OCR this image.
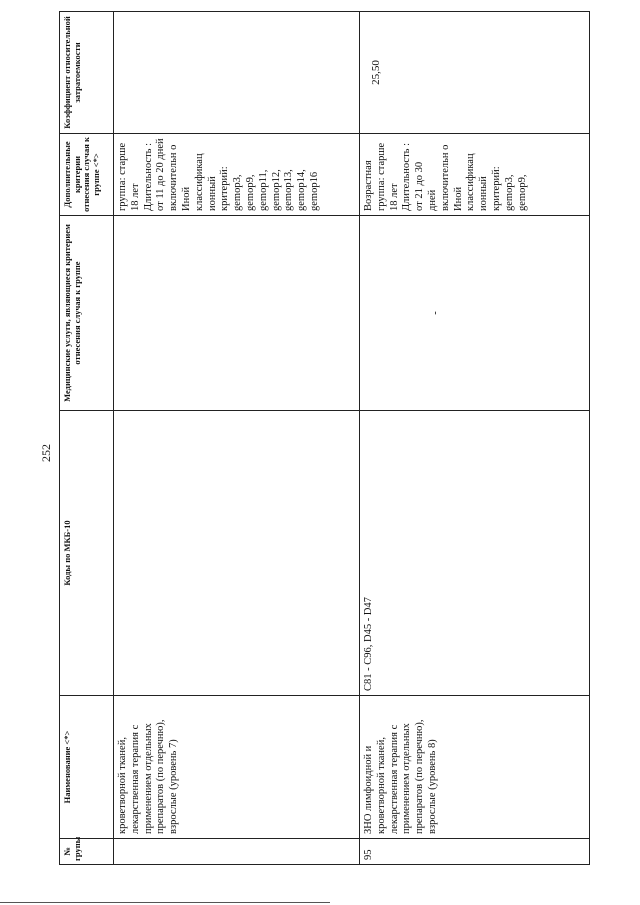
252
№ групы	Наименование <*>	Коды по МКБ-10	Медицинские услуги, являющиеся критерием отнесения случая к группе	Дополнительные критерии отнесения случая к группе <*>	Коэффициент относительной затратоемкости
	кроветворной тканей, лекарственная терапия с применением отдельных препаратов (по перечню), взрослые (уровень 7)			группа: старше 18 лет Длительность : от 11 до 20 дней включительн о Иной классификац ионный критерий: gemop3, gemop9, gemop11, gemop12, gemop13, gemop14, gemop16	
95	ЗНО лимфоидной и кроветворной тканей, лекарственная терапия с применением отдельных препаратов (по перечню), взрослые (уровень 8)	C81 - C96, D45 - D47	-	Возрастная группа: старше 18 лет Длительность : от 21 до 30 дней включительн о Иной классификац ионный критерий: gemop3, gemop9,	25,50
